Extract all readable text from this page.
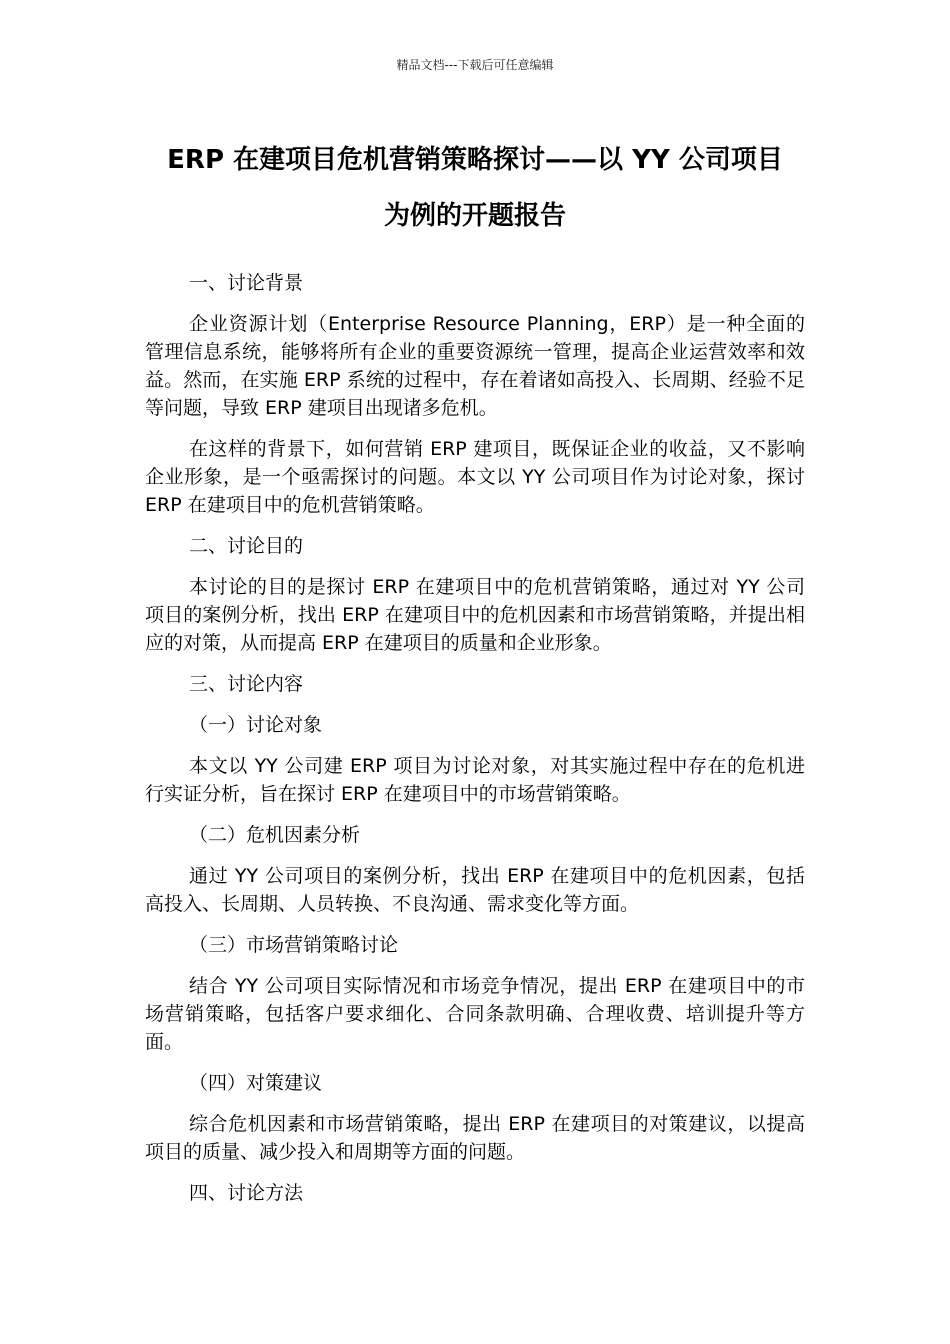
精品文档---下载后可任意编辑
ERP 在建项目危机营销策略探讨——以 YY 公司项目
为例的开题报告

一、讨论背景

企业资源计划（Enterprise Resource Planning，ERP）是一种全面的管理信息系统，能够将所有企业的重要资源统一管理，提高企业运营效率和效益。然而，在实施 ERP 系统的过程中，存在着诸如高投入、长周期、经验不足等问题，导致 ERP 建项目出现诸多危机。

在这样的背景下，如何营销 ERP 建项目，既保证企业的收益，又不影响企业形象，是一个亟需探讨的问题。本文以 YY 公司项目作为讨论对象，探讨 ERP 在建项目中的危机营销策略。

二、讨论目的

本讨论的目的是探讨 ERP 在建项目中的危机营销策略，通过对 YY 公司项目的案例分析，找出 ERP 在建项目中的危机因素和市场营销策略，并提出相应的对策，从而提高 ERP 在建项目的质量和企业形象。

三、讨论内容

（一）讨论对象

本文以 YY 公司建 ERP 项目为讨论对象，对其实施过程中存在的危机进行实证分析，旨在探讨 ERP 在建项目中的市场营销策略。

（二）危机因素分析

通过 YY 公司项目的案例分析，找出 ERP 在建项目中的危机因素，包括高投入、长周期、人员转换、不良沟通、需求变化等方面。

（三）市场营销策略讨论

结合 YY 公司项目实际情况和市场竞争情况，提出 ERP 在建项目中的市场营销策略，包括客户要求细化、合同条款明确、合理收费、培训提升等方面。

（四）对策建议

综合危机因素和市场营销策略，提出 ERP 在建项目的对策建议，以提高项目的质量、减少投入和周期等方面的问题。

四、讨论方法
